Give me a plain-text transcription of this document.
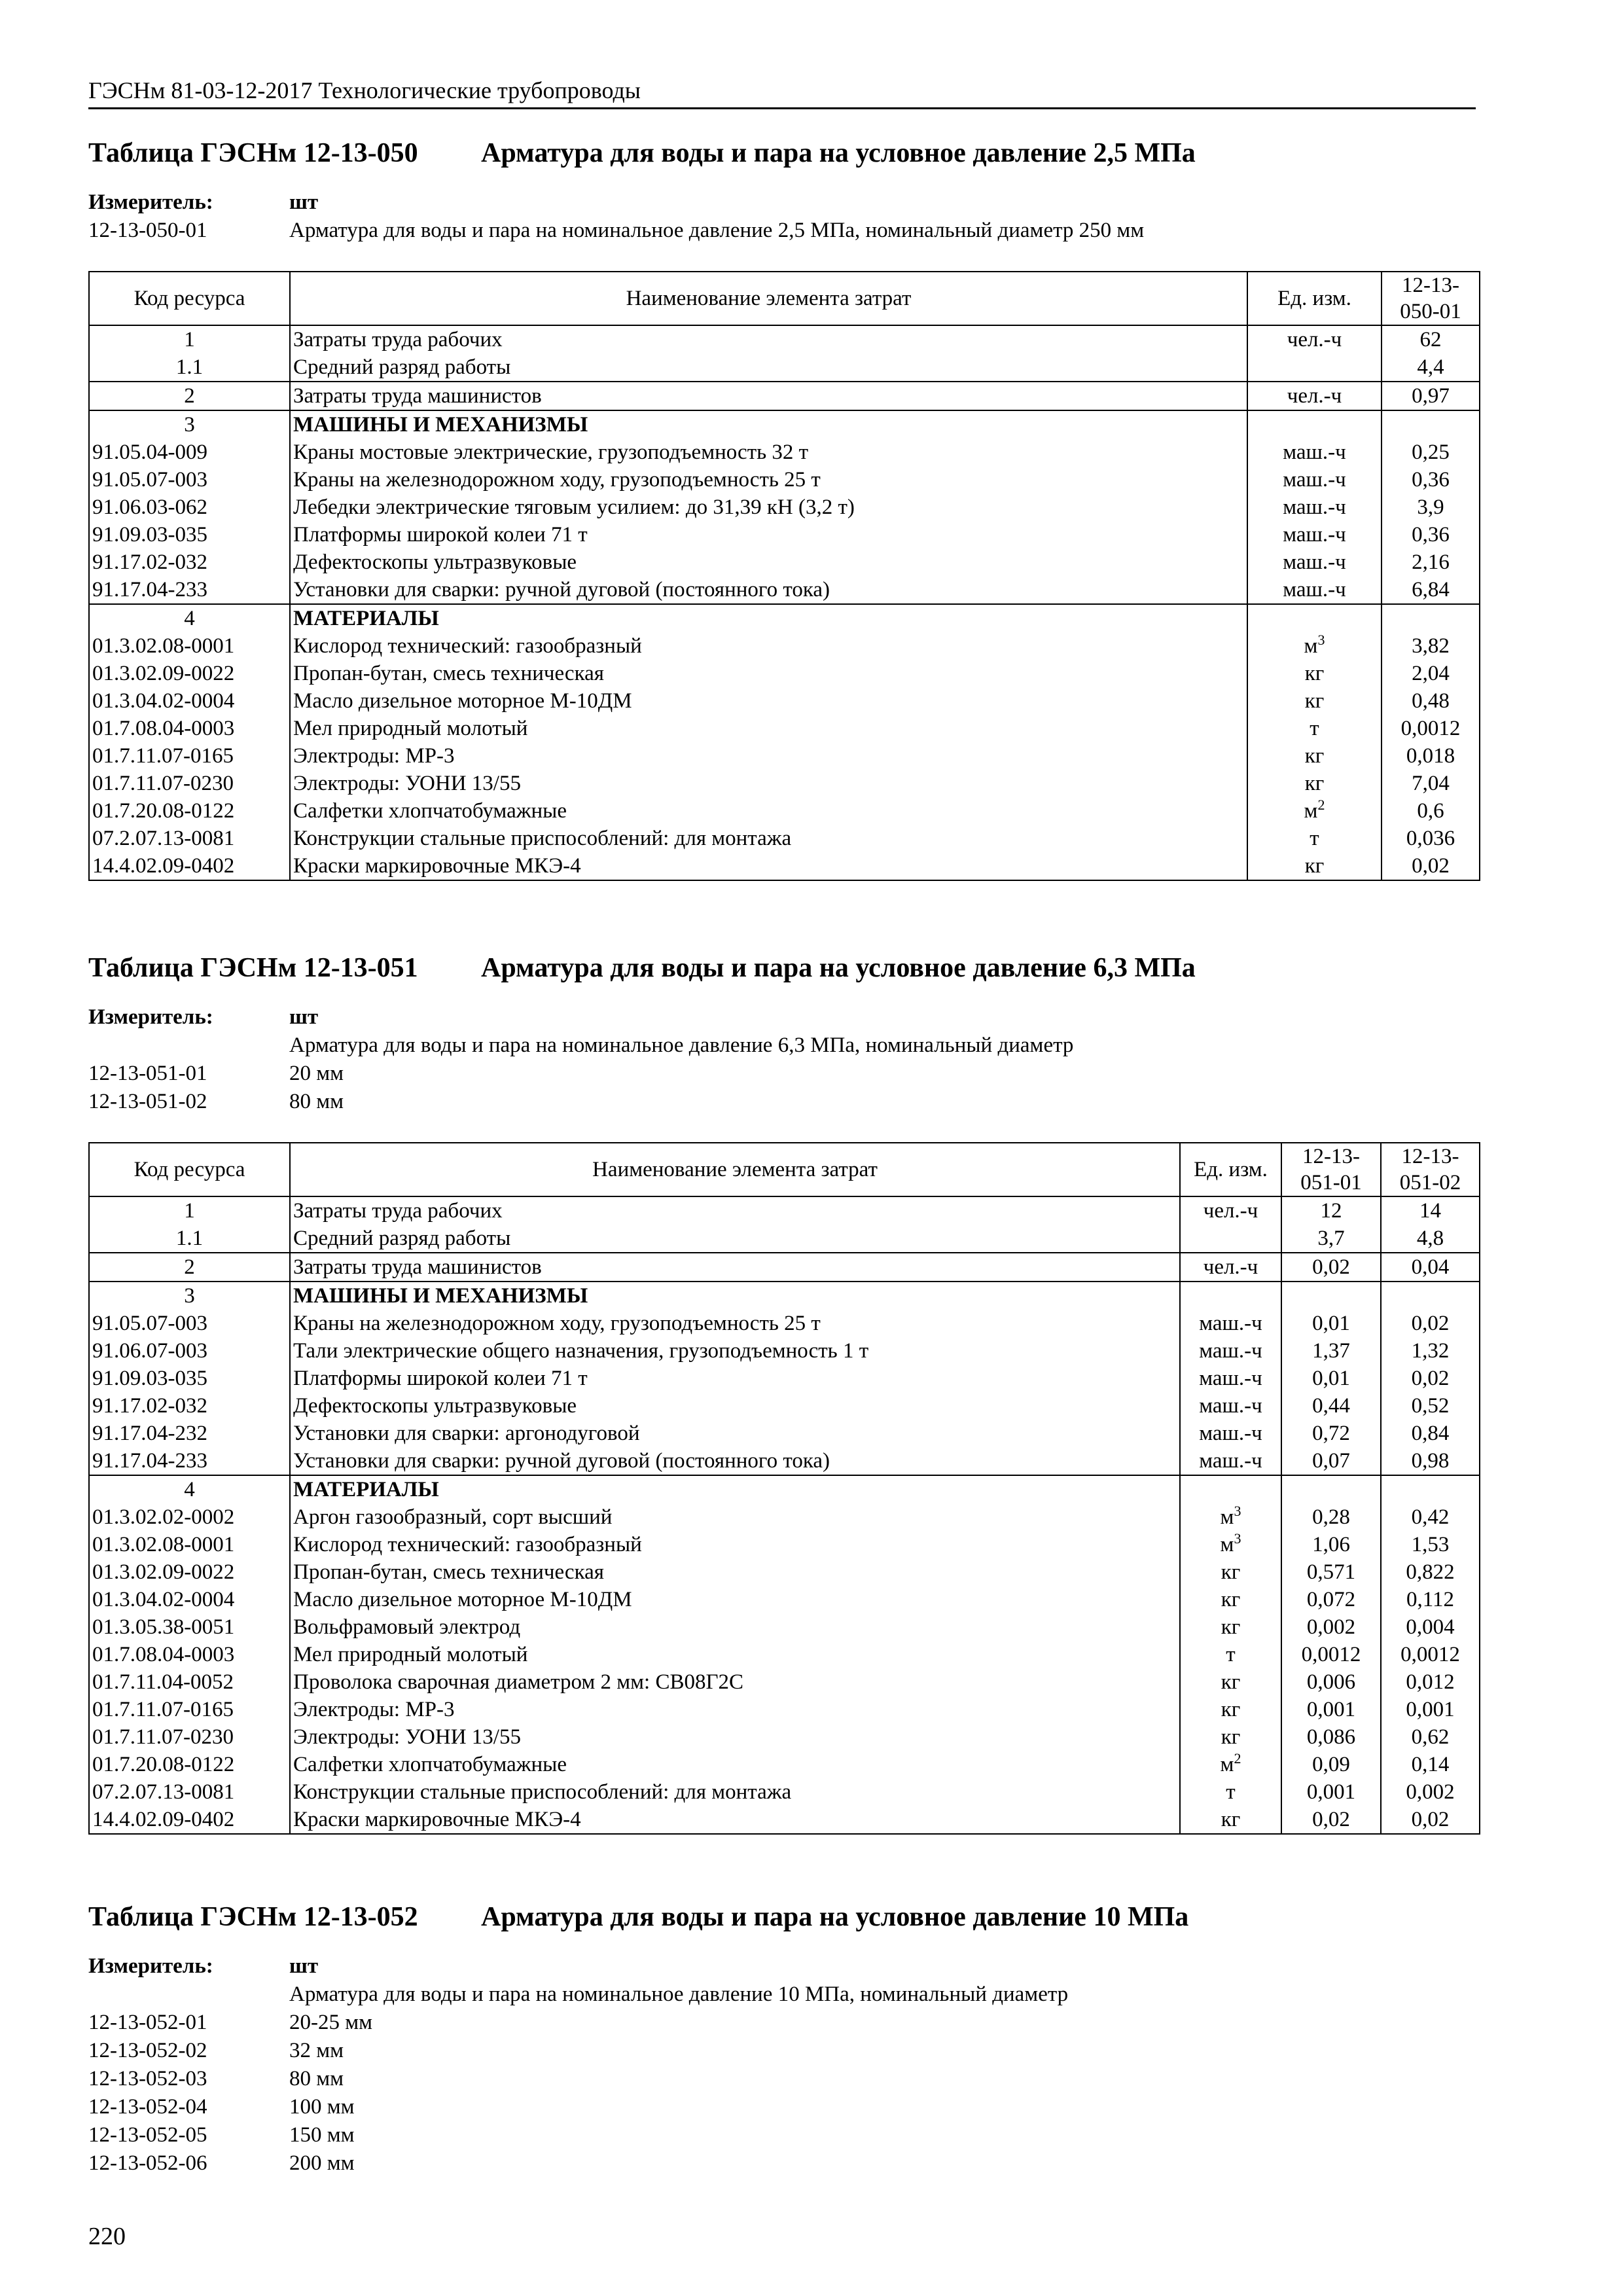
ГЭСНм 81-03-12-2017 Технологические трубопроводы
Таблица ГЭСНм 12-13-050 Арматура для воды и пара на условное давление 2,5 МПа
Измеритель:	шт
12-13-050-01	Арматура для воды и пара на номинальное давление 2,5 МПа, номинальный диаметр 250 мм
Код ресурса	Наименование элемента затрат	Ед. изм.	12-13-
050-01
1	Затраты труда рабочих	чел.-ч	62
1.1	Средний разряд работы		4,4
2	Затраты труда машинистов	чел.-ч	0,97
3	МАШИНЫ И МЕХАНИЗМЫ		
91.05.04-009	Краны мостовые электрические, грузоподъемность 32 т	маш.-ч	0,25
91.05.07-003	Краны на железнодорожном ходу, грузоподъемность 25 т	маш.-ч	0,36
91.06.03-062	Лебедки электрические тяговым усилием: до 31,39 кН (3,2 т)	маш.-ч	3,9
91.09.03-035	Платформы широкой колеи 71 т	маш.-ч	0,36
91.17.02-032	Дефектоскопы ультразвуковые	маш.-ч	2,16
91.17.04-233	Установки для сварки: ручной дуговой (постоянного тока)	маш.-ч	6,84
4	МАТЕРИАЛЫ		
01.3.02.08-0001	Кислород технический: газообразный	$м^3$	3,82
01.3.02.09-0022	Пропан-бутан, смесь техническая	кг	2,04
01.3.04.02-0004	Масло дизельное моторное М-10ДМ	кг	0,48
01.7.08.04-0003	Мел природный молотый	т	0,0012
01.7.11.07-0165	Электроды: МР-3	кг	0,018
01.7.11.07-0230	Электроды: УОНИ 13/55	кг	7,04
01.7.20.08-0122	Салфетки хлопчатобумажные	$м^2$	0,6
07.2.07.13-0081	Конструкции стальные приспособлений: для монтажа	т	0,036
14.4.02.09-0402	Краски маркировочные МКЭ-4	кг	0,02
Таблица ГЭСНм 12-13-051 Арматура для воды и пара на условное давление 6,3 МПа
Измеритель:	шт
Арматура для воды и пара на номинальное давление 6,3 МПа, номинальный диаметр
12-13-051-01	20 мм
12-13-051-02	80 мм
Код ресурса	Наименование элемента затрат	Ед. изм.	12-13-
051-01	12-13-
051-02
1	Затраты труда рабочих	чел.-ч	12	14
1.1	Средний разряд работы		3,7	4,8
2	Затраты труда машинистов	чел.-ч	0,02	0,04
3	МАШИНЫ И МЕХАНИЗМЫ			
91.05.07-003	Краны на железнодорожном ходу, грузоподъемность 25 т	маш.-ч	0,01	0,02
91.06.07-003	Тали электрические общего назначения, грузоподъемность 1 т	маш.-ч	1,37	1,32
91.09.03-035	Платформы широкой колеи 71 т	маш.-ч	0,01	0,02
91.17.02-032	Дефектоскопы ультразвуковые	маш.-ч	0,44	0,52
91.17.04-232	Установки для сварки: аргонодуговой	маш.-ч	0,72	0,84
91.17.04-233	Установки для сварки: ручной дуговой (постоянного тока)	маш.-ч	0,07	0,98
4	МАТЕРИАЛЫ			
01.3.02.02-0002	Аргон газообразный, сорт высший	$м^3$	0,28	0,42
01.3.02.08-0001	Кислород технический: газообразный	$м^3$	1,06	1,53
01.3.02.09-0022	Пропан-бутан, смесь техническая	кг	0,571	0,822
01.3.04.02-0004	Масло дизельное моторное М-10ДМ	кг	0,072	0,112
01.3.05.38-0051	Вольфрамовый электрод	кг	0,002	0,004
01.7.08.04-0003	Мел природный молотый	т	0,0012	0,0012
01.7.11.04-0052	Проволока сварочная диаметром 2 мм: СВ08Г2С	кг	0,006	0,012
01.7.11.07-0165	Электроды: МР-3	кг	0,001	0,001
01.7.11.07-0230	Электроды: УОНИ 13/55	кг	0,086	0,62
01.7.20.08-0122	Салфетки хлопчатобумажные	$м^2$	0,09	0,14
07.2.07.13-0081	Конструкции стальные приспособлений: для монтажа	т	0,001	0,002
14.4.02.09-0402	Краски маркировочные МКЭ-4	кг	0,02	0,02
Таблица ГЭСНм 12-13-052 Арматура для воды и пара на условное давление 10 МПа
Измеритель:	шт
Арматура для воды и пара на номинальное давление 10 МПа, номинальный диаметр
12-13-052-01	20-25 мм
12-13-052-02	32 мм
12-13-052-03	80 мм
12-13-052-04	100 мм
12-13-052-05	150 мм
12-13-052-06	200 мм
220
